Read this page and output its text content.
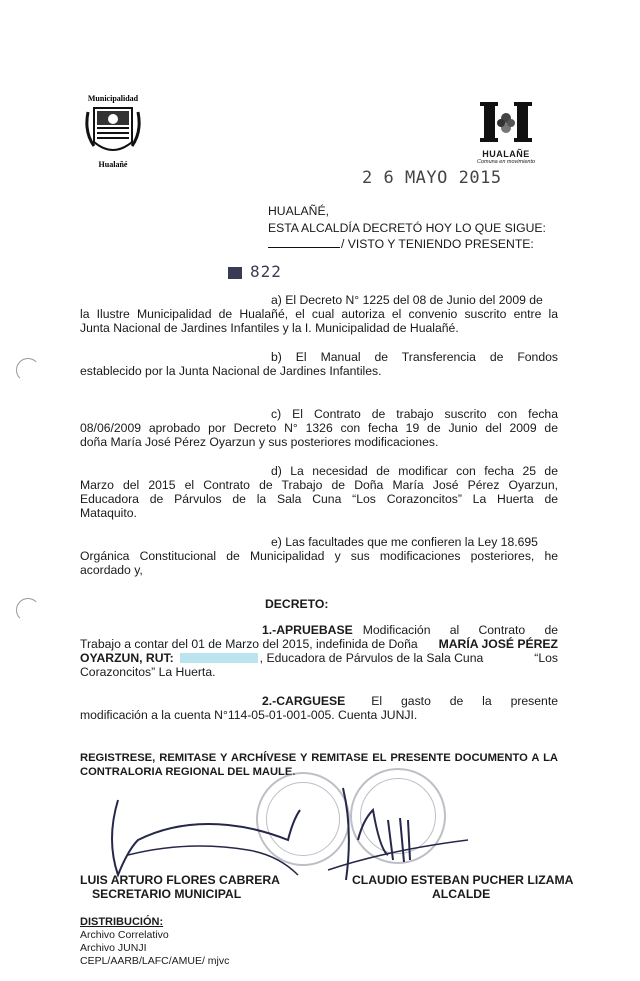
Municipalidad
Hualañé
HUALAÑE
Comuna en movimiento
2 6 MAYO 2015
HUALAÑÉ,
ESTA ALCALDÍA DECRETÓ HOY LO QUE SIGUE:
/ VISTO Y TENIENDO PRESENTE:
822
a) El Decreto N° 1225 del 08 de Junio del 2009 de
la Ilustre Municipalidad de Hualañé, el cual autoriza el convenio suscrito entre la
Junta Nacional de Jardines Infantiles y la I. Municipalidad de Hualañé.
b) El Manual de Transferencia de Fondos
establecido por la Junta Nacional de Jardines Infantiles.
c) El Contrato de trabajo suscrito con fecha
08/06/2009 aprobado por Decreto N° 1326 con fecha 19 de Junio del 2009 de
doña María José Pérez Oyarzun y sus posteriores modificaciones.
d) La necesidad de modificar con fecha 25 de
Marzo del 2015 el Contrato de Trabajo de Doña María José Pérez Oyarzun,
Educadora de Párvulos de la Sala Cuna “Los Corazoncitos” La Huerta de
Mataquito.
e) Las facultades que me confieren la Ley 18.695
Orgánica Constitucional de Municipalidad y sus modificaciones posteriores, he
acordado y,
DECRETO:
1.-APRUEBASE Modificación al Contrato de
Trabajo a contar del 01 de Marzo del 2015, indefinida de Doña MARÍA JOSÉ PÉREZ
OYARZUN, RUT:	, Educadora de Párvulos de la Sala Cuna	“Los
Corazoncitos” La Huerta.
2.-CARGUESE El gasto de la presente
modificación a la cuenta N°114-05-01-001-005. Cuenta JUNJI.
REGISTRESE, REMITASE Y ARCHÍVESE Y REMITASE EL PRESENTE DOCUMENTO A LA
CONTRALORIA REGIONAL DEL MAULE.
LUIS ARTURO FLORES CABRERA
SECRETARIO MUNICIPAL
CLAUDIO ESTEBAN PUCHER LIZAMA
ALCALDE
DISTRIBUCIÓN:
Archivo Correlativo
Archivo JUNJI
CEPL/AARB/LAFC/AMUE/ mjvc
